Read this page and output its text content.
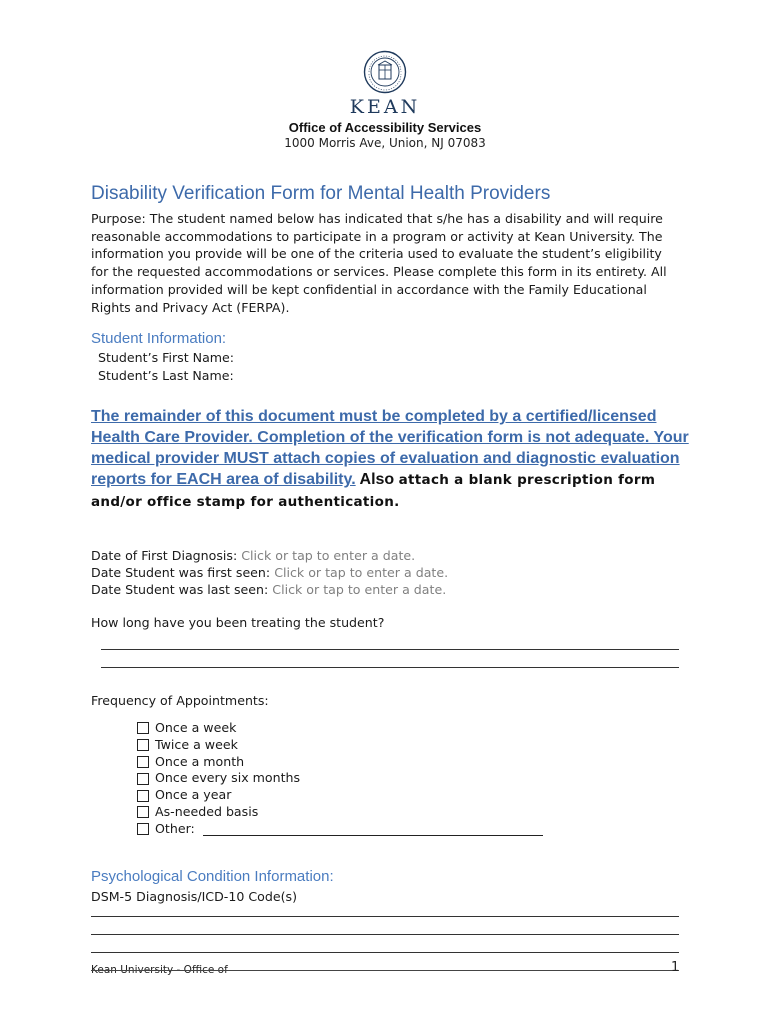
KEAN
Office of Accessibility Services
1000 Morris Ave, Union, NJ 07083
Disability Verification Form for Mental Health Providers
Purpose: The student named below has indicated that s/he has a disability and will require reasonable accommodations to participate in a program or activity at Kean University. The information you provide will be one of the criteria used to evaluate the student’s eligibility for the requested accommodations or services. Please complete this form in its entirety. All information provided will be kept confidential in accordance with the Family Educational Rights and Privacy Act (FERPA).
Student Information:
Student’s First Name:
Student’s Last Name:
The remainder of this document must be completed by a certified/licensed Health Care Provider. Completion of the verification form is not adequate. Your medical provider MUST attach copies of evaluation and diagnostic evaluation reports for EACH area of disability. Also attach a blank prescription form and/or office stamp for authentication.
Date of First Diagnosis: Click or tap to enter a date.
Date Student was first seen: Click or tap to enter a date.
Date Student was last seen: Click or tap to enter a date.
How long have you been treating the student?
Frequency of Appointments:
Once a week
Twice a week
Once a month
Once every six months
Once a year
As-needed basis
Other:
Psychological Condition Information:
DSM-5 Diagnosis/ICD-10 Code(s)
Kean University - Office of	1
